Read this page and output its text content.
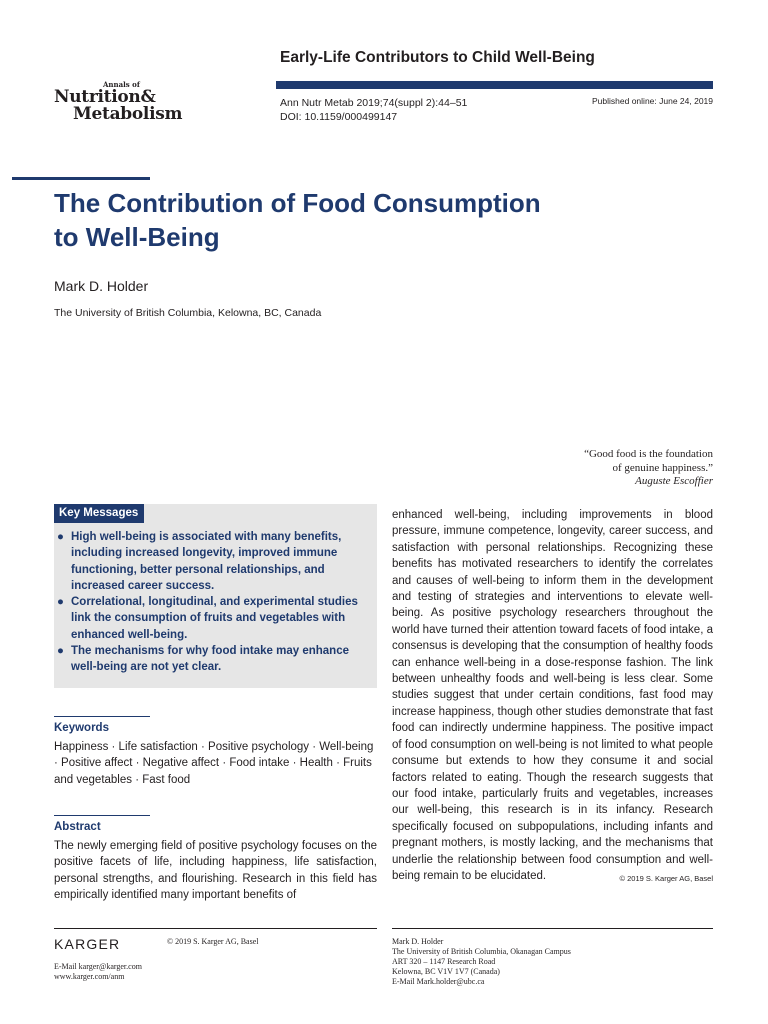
Early-Life Contributors to Child Well-Being
Annals of
Nutrition&
Metabolism
Ann Nutr Metab 2019;74(suppl 2):44–51
DOI: 10.1159/000499147
Published online: June 24, 2019
The Contribution of Food Consumption
to Well-Being
Mark D. Holder
The University of British Columbia, Kelowna, BC, Canada
“Good food is the foundation
of genuine happiness.”
Auguste Escoffier
Key Messages
● High well-being is associated with many benefits, including increased longevity, improved immune functioning, better personal relationships, and increased career success.
● Correlational, longitudinal, and experimental studies link the consumption of fruits and vegetables with enhanced well-being.
● The mechanisms for why food intake may enhance well-being are not yet clear.
Keywords
Happiness · Life satisfaction · Positive psychology · Well-being · Positive affect · Negative affect · Food intake · Health · Fruits and vegetables · Fast food
Abstract
The newly emerging field of positive psychology focuses on the positive facets of life, including happiness, life satisfaction, personal strengths, and flourishing. Research in this field has empirically identified many important benefits of
enhanced well-being, including improvements in blood pressure, immune competence, longevity, career success, and satisfaction with personal relationships. Recognizing these benefits has motivated researchers to identify the correlates and causes of well-being to inform them in the development and testing of strategies and interventions to elevate well-being. As positive psychology researchers throughout the world have turned their attention toward facets of food intake, a consensus is developing that the consumption of healthy foods can enhance well-being in a dose-response fashion. The link between unhealthy foods and well-being is less clear. Some studies suggest that under certain conditions, fast food may increase happiness, though other studies demonstrate that fast food can indirectly undermine happiness. The positive impact of food consumption on well-being is not limited to what people consume but extends to how they consume it and social factors related to eating. Though the research suggests that our food intake, particularly fruits and vegetables, increases our well-being, this research is in its infancy. Research specifically focused on subpopulations, including infants and pregnant mothers, is mostly lacking, and the mechanisms that underlie the relationship between food consumption and well-being remain to be elucidated.	© 2019 S. Karger AG, Basel
KARGER	© 2019 S. Karger AG, Basel
E-Mail karger@karger.com
www.karger.com/anm
Mark D. Holder
The University of British Columbia, Okanagan Campus
ART 320 – 1147 Research Road
Kelowna, BC V1V 1V7 (Canada)
E-Mail Mark.holder@ubc.ca
